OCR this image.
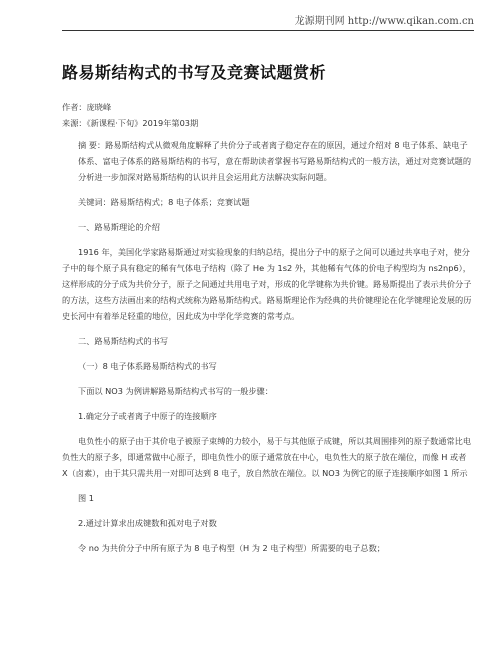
龙源期刊网 http://www.qikan.com.cn
路易斯结构式的书写及竞赛试题赏析

作者：庞晓峰

来源：《新课程·下旬》2019年第03期

摘 要：路易斯结构式从微观角度解释了共价分子或者离子稳定存在的原因，通过介绍对 8 电子体系、缺电子体系、富电子体系的路易斯结构的书写，意在帮助读者掌握书写路易斯结构式的一般方法，通过对竞赛试题的分析进一步加深对路易斯结构的认识并且会运用此方法解决实际问题。

关键词：路易斯结构式；8 电子体系；竞赛试题

一、路易斯理论的介绍

1916 年，美国化学家路易斯通过对实验现象的归纳总结，提出分子中的原子之间可以通过共享电子对，使分子中的每个原子具有稳定的稀有气体电子结构（除了 He 为 1s2 外，其他稀有气体的价电子构型均为 ns2np6），这样形成的分子成为共价分子，原子之间通过共用电子对，形成的化学键称为共价键。路易斯提出了表示共价分子的方法，这些方法画出来的结构式统称为路易斯结构式。路易斯理论作为经典的共价键理论在化学键理论发展的历史长河中有着举足轻重的地位，因此成为中学化学竞赛的常考点。

二、路易斯结构式的书写

（一）8 电子体系路易斯结构式的书写

下面以 NO3 为例讲解路易斯结构式书写的一般步骤：

1.确定分子或者离子中原子的连接顺序

电负性小的原子由于其价电子被原子束缚的力较小，易于与其他原子成键，所以其周围排列的原子数通常比电负性大的原子多，即通常做中心原子，即电负性小的原子通常放在中心，电负性大的原子放在端位，而像 H 或者 X（卤素），由于其只需共用一对即可达到 8 电子，放自然放在端位。以 NO3 为例它的原子连接顺序如图 1 所示

图 1

2.通过计算求出成键数和孤对电子对数

令 no 为共价分子中所有原子为 8 电子构型（H 为 2 电子构型）所需要的电子总数；
